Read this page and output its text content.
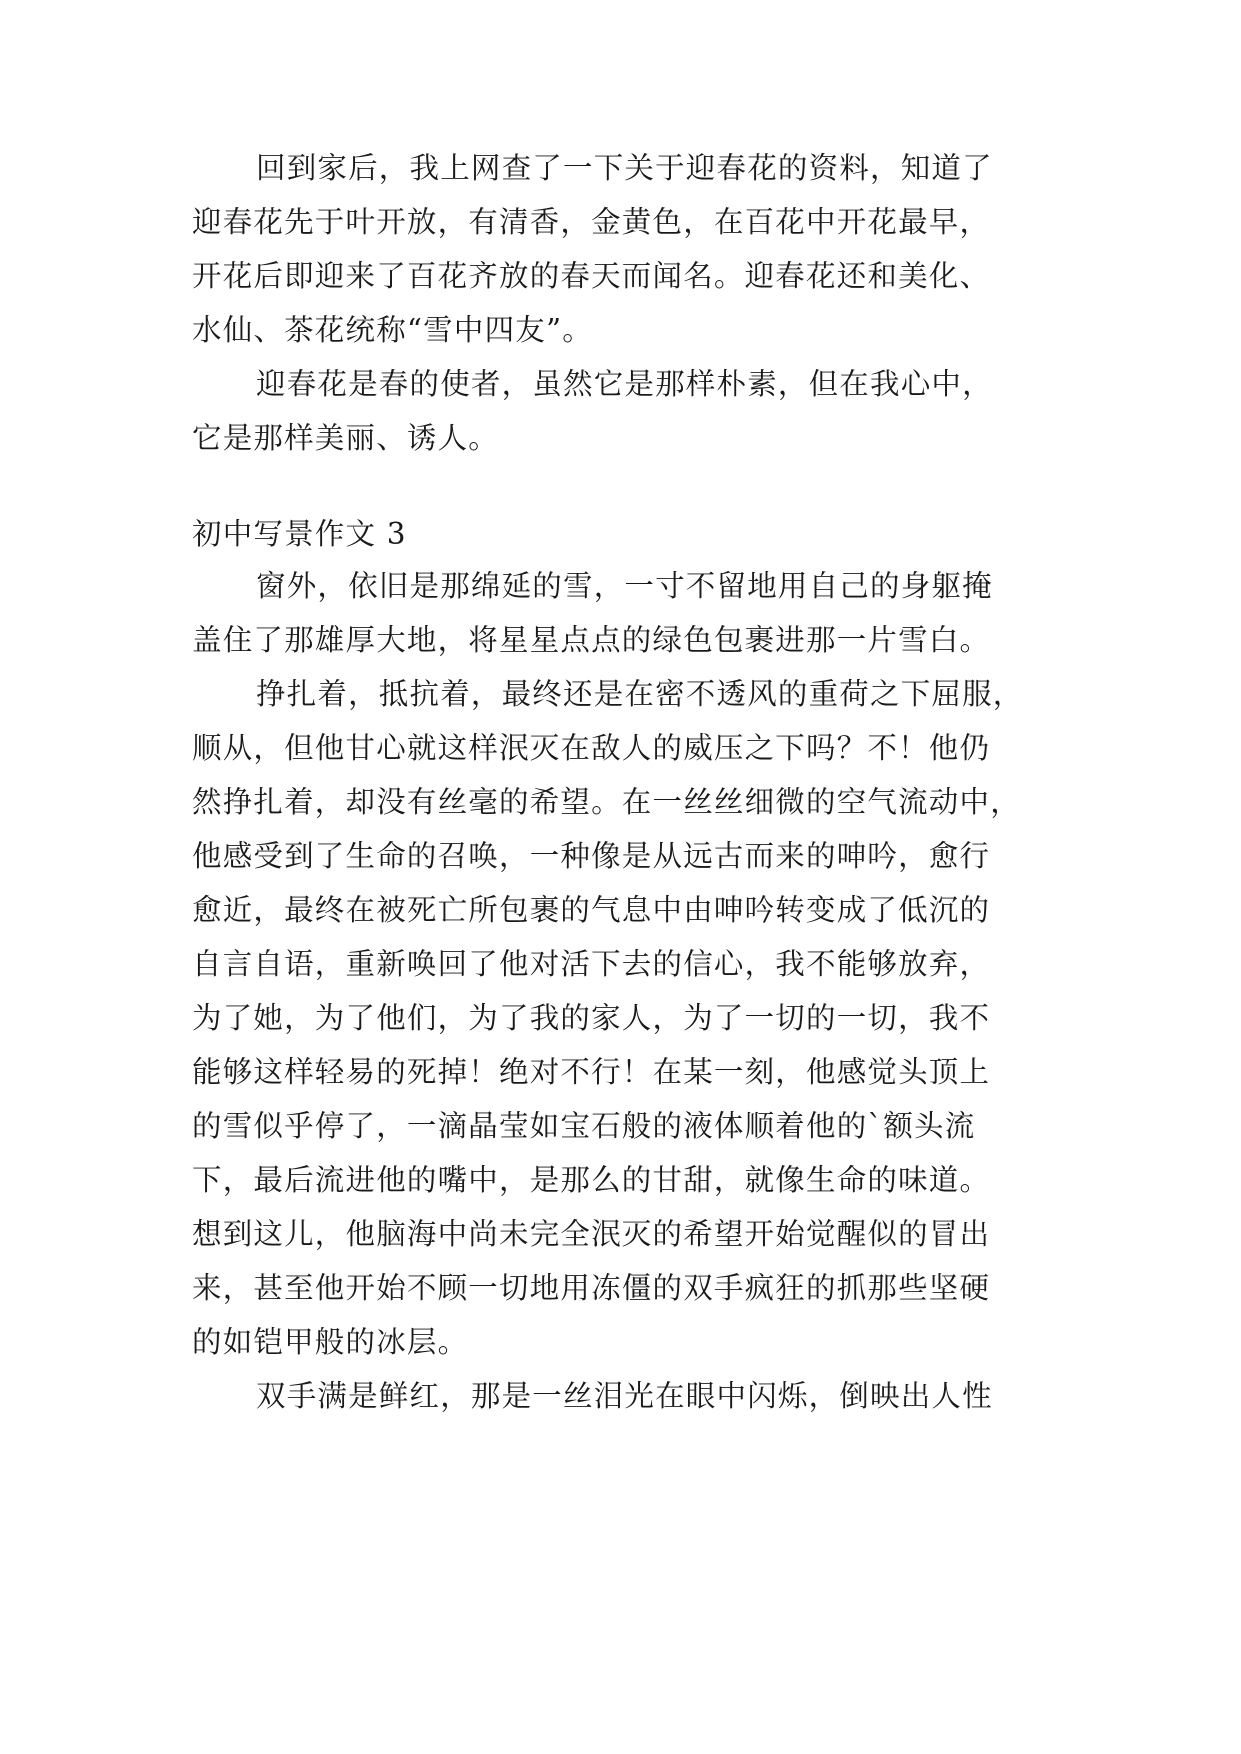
回到家后，我上网查了一下关于迎春花的资料，知道了
迎春花先于叶开放，有清香，金黄色，在百花中开花最早，
开花后即迎来了百花齐放的春天而闻名。迎春花还和美化、
水仙、茶花统称“雪中四友”。
迎春花是春的使者，虽然它是那样朴素，但在我心中，
它是那样美丽、诱人。
初中写景作文 3
窗外，依旧是那绵延的雪，一寸不留地用自己的身躯掩
盖住了那雄厚大地，将星星点点的绿色包裹进那一片雪白。
挣扎着，抵抗着，最终还是在密不透风的重荷之下屈服，
顺从，但他甘心就这样泯灭在敌人的威压之下吗？不！他仍
然挣扎着，却没有丝毫的希望。在一丝丝细微的空气流动中，
他感受到了生命的召唤，一种像是从远古而来的呻吟，愈行
愈近，最终在被死亡所包裹的气息中由呻吟转变成了低沉的
自言自语，重新唤回了他对活下去的信心，我不能够放弃，
为了她，为了他们，为了我的家人，为了一切的一切，我不
能够这样轻易的死掉！绝对不行！在某一刻，他感觉头顶上
的雪似乎停了，一滴晶莹如宝石般的液体顺着他的`额头流
下，最后流进他的嘴中，是那么的甘甜，就像生命的味道。
想到这儿，他脑海中尚未完全泯灭的希望开始觉醒似的冒出
来，甚至他开始不顾一切地用冻僵的双手疯狂的抓那些坚硬
的如铠甲般的冰层。
双手满是鲜红，那是一丝泪光在眼中闪烁，倒映出人性
